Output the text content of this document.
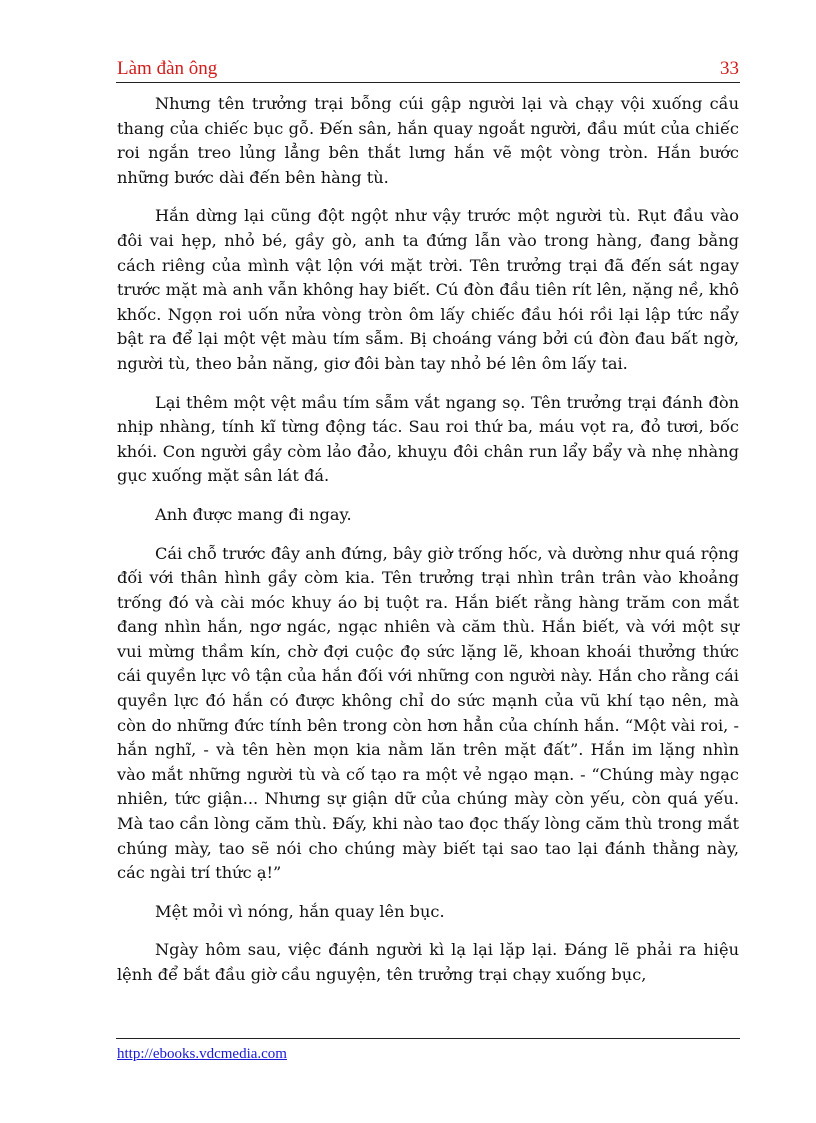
Làm đàn ông	33

Nhưng tên trưởng trại bỗng cúi gập người lại và chạy vội xuống cầu thang của chiếc bục gỗ. Đến sân, hắn quay ngoắt người, đầu mút của chiếc roi ngắn treo lủng lẳng bên thắt lưng hắn vẽ một vòng tròn. Hắn bước những bước dài đến bên hàng tù.

Hắn dừng lại cũng đột ngột như vậy trước một người tù. Rụt đầu vào đôi vai hẹp, nhỏ bé, gầy gò, anh ta đứng lẫn vào trong hàng, đang bằng cách riêng của mình vật lộn với mặt trời. Tên trưởng trại đã đến sát ngay trước mặt mà anh vẫn không hay biết. Cú đòn đầu tiên rít lên, nặng nề, khô khốc. Ngọn roi uốn nửa vòng tròn ôm lấy chiếc đầu hói rồi lại lập tức nẩy bật ra để lại một vệt màu tím sẫm. Bị choáng váng bởi cú đòn đau bất ngờ, người tù, theo bản năng, giơ đôi bàn tay nhỏ bé lên ôm lấy tai.

Lại thêm một vệt mầu tím sẫm vắt ngang sọ. Tên trưởng trại đánh đòn nhịp nhàng, tính kĩ từng động tác. Sau roi thứ ba, máu vọt ra, đỏ tươi, bốc khói. Con người gầy còm lảo đảo, khuỵu đôi chân run lẩy bẩy và nhẹ nhàng gục xuống mặt sân lát đá.

Anh được mang đi ngay.

Cái chỗ trước đây anh đứng, bây giờ trống hốc, và dường như quá rộng đối với thân hình gầy còm kia. Tên trưởng trại nhìn trân trân vào khoảng trống đó và cài móc khuy áo bị tuột ra. Hắn biết rằng hàng trăm con mắt đang nhìn hắn, ngơ ngác, ngạc nhiên và căm thù. Hắn biết, và với một sự vui mừng thầm kín, chờ đợi cuộc đọ sức lặng lẽ, khoan khoái thưởng thức cái quyền lực vô tận của hắn đối với những con người này. Hắn cho rằng cái quyền lực đó hắn có được không chỉ do sức mạnh của vũ khí tạo nên, mà còn do những đức tính bên trong còn hơn hẳn của chính hắn. “Một vài roi, - hắn nghĩ, - và tên hèn mọn kia nằm lăn trên mặt đất”. Hắn im lặng nhìn vào mắt những người tù và cố tạo ra một vẻ ngạo mạn. - “Chúng mày ngạc nhiên, tức giận... Nhưng sự giận dữ của chúng mày còn yếu, còn quá yếu. Mà tao cần lòng căm thù. Đấy, khi nào tao đọc thấy lòng căm thù trong mắt chúng mày, tao sẽ nói cho chúng mày biết tại sao tao lại đánh thằng này, các ngài trí thức ạ!”

Mệt mỏi vì nóng, hắn quay lên bục.

Ngày hôm sau, việc đánh người kì lạ lại lặp lại. Đáng lẽ phải ra hiệu lệnh để bắt đầu giờ cầu nguyện, tên trưởng trại chạy xuống bục,

http://ebooks.vdcmedia.com
